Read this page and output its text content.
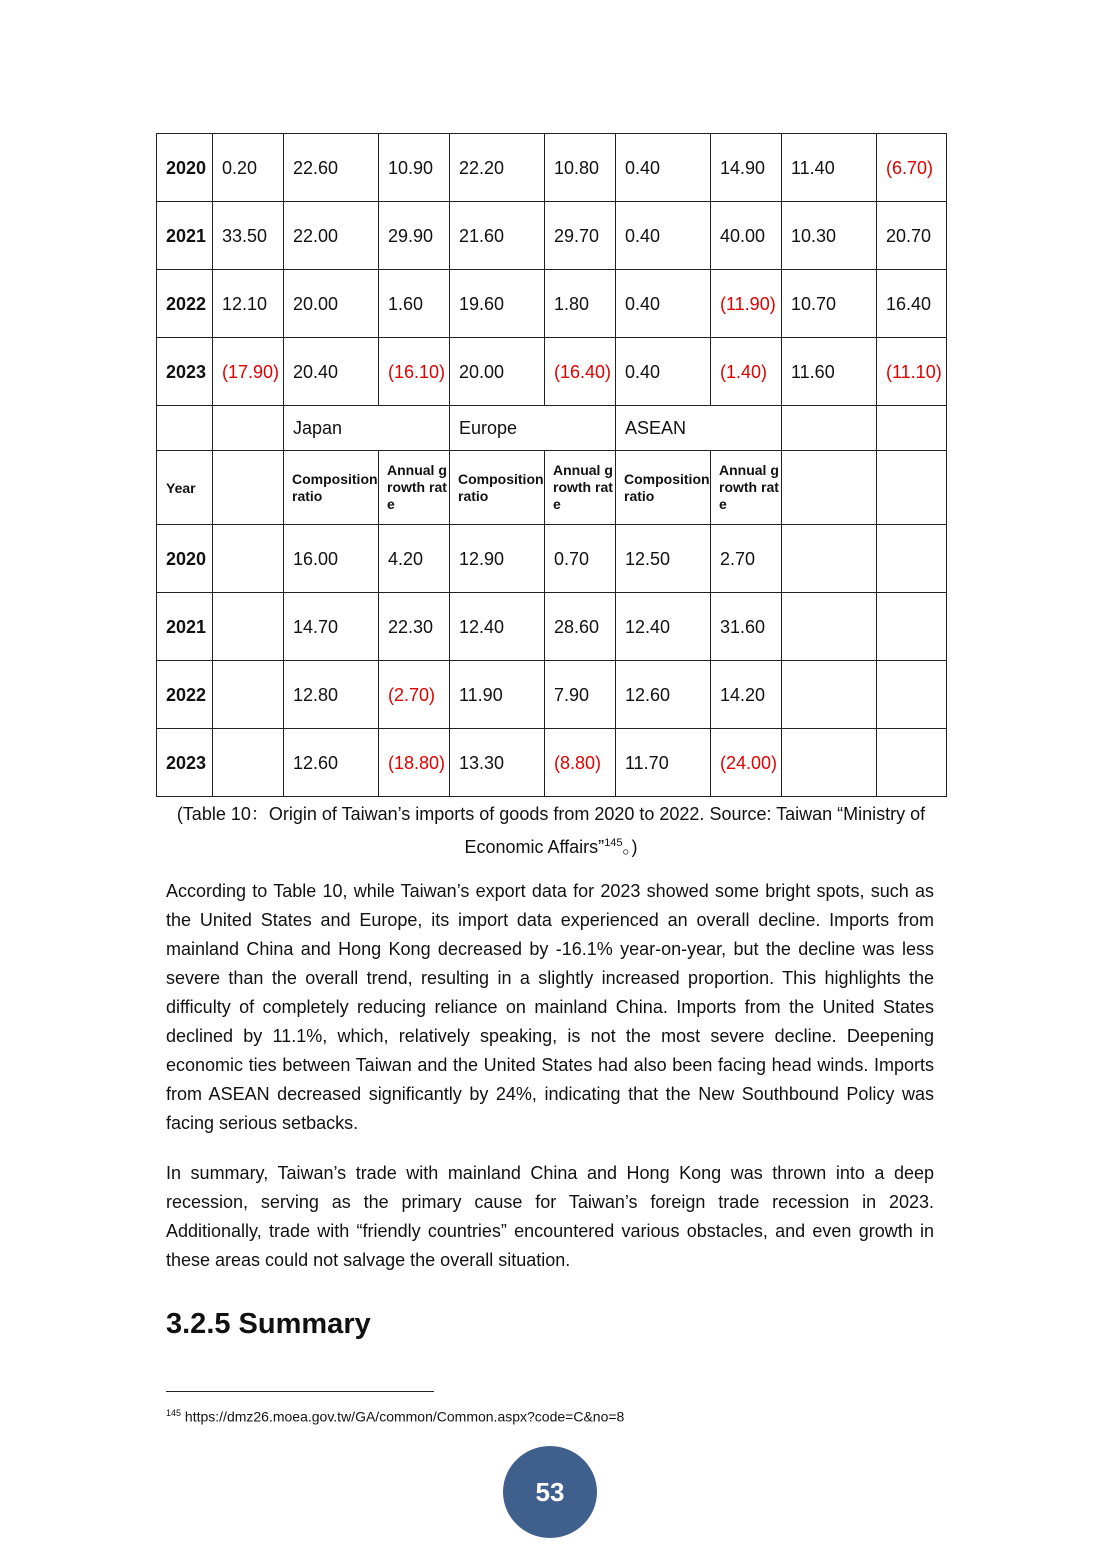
2020	0.20	22.60	10.90	22.20	10.80	0.40	14.90	11.40	(6.70)
2021	33.50	22.00	29.90	21.60	29.70	0.40	40.00	10.30	20.70
2022	12.10	20.00	1.60	19.60	1.80	0.40	(11.90)	10.70	16.40
2023	(17.90)	20.40	(16.10)	20.00	(16.40)	0.40	(1.40)	11.60	(11.10)
		Japan		Europe		ASEAN			
Year		Composition ratio	Annual growth rate	Composition ratio	Annual growth rate	Composition ratio	Annual growth rate		
2020		16.00	4.20	12.90	0.70	12.50	2.70		
2021		14.70	22.30	12.40	28.60	12.40	31.60		
2022		12.80	(2.70)	11.90	7.90	12.60	14.20		
2023		12.60	(18.80)	13.30	(8.80)	11.70	(24.00)		
(Table 10：Origin of Taiwan’s imports of goods from 2020 to 2022. Source: Taiwan “Ministry of Economic Affairs”$^{145}$。)

According to Table 10, while Taiwan’s export data for 2023 showed some bright spots, such as the United States and Europe, its import data experienced an overall decline. Imports from mainland China and Hong Kong decreased by -16.1% year-on-year, but the decline was less severe than the overall trend, resulting in a slightly increased proportion. This highlights the difficulty of completely reducing reliance on mainland China. Imports from the United States declined by 11.1%, which, relatively speaking, is not the most severe decline. Deepening economic ties between Taiwan and the United States had also been facing head winds. Imports from ASEAN decreased significantly by 24%, indicating that the New Southbound Policy was facing serious setbacks.

In summary, Taiwan’s trade with mainland China and Hong Kong was thrown into a deep recession, serving as the primary cause for Taiwan’s foreign trade recession in 2023. Additionally, trade with “friendly countries” encountered various obstacles, and even growth in these areas could not salvage the overall situation.

3.2.5 Summary
$^{145}$ https://dmz26.moea.gov.tw/GA/common/Common.aspx?code=C&no=8
53
